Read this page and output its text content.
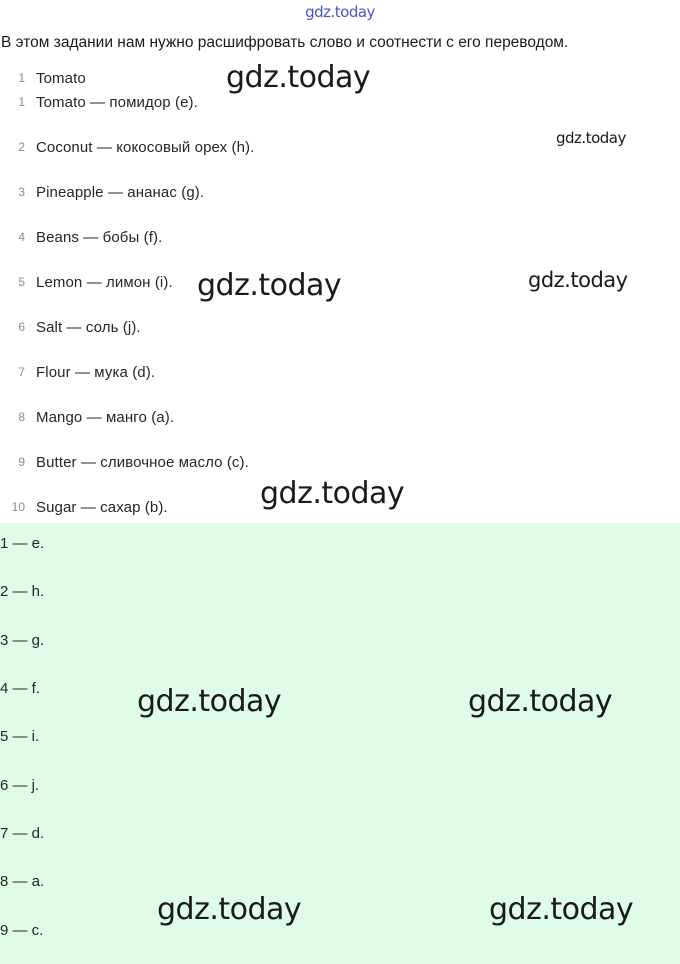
gdz.today
В этом задании нам нужно расшифровать слово и соотнести с его переводом.
1 Tomato
1 Tomato — помидор (e).
2 Coconut — кокосовый орех (h).
3 Pineapple — ананас (g).
4 Beans — бобы (f).
5 Lemon — лимон (i).
6 Salt — соль (j).
7 Flour — мука (d).
8 Mango — манго (a).
9 Butter — сливочное масло (c).
10 Sugar — сахар (b).
1 — e.
2 — h.
3 — g.
4 — f.
5 — i.
6 — j.
7 — d.
8 — a.
9 — c.
gdz.today
gdz.today
gdz.today	gdz.today
gdz.today
gdz.today	gdz.today
gdz.today	gdz.today
